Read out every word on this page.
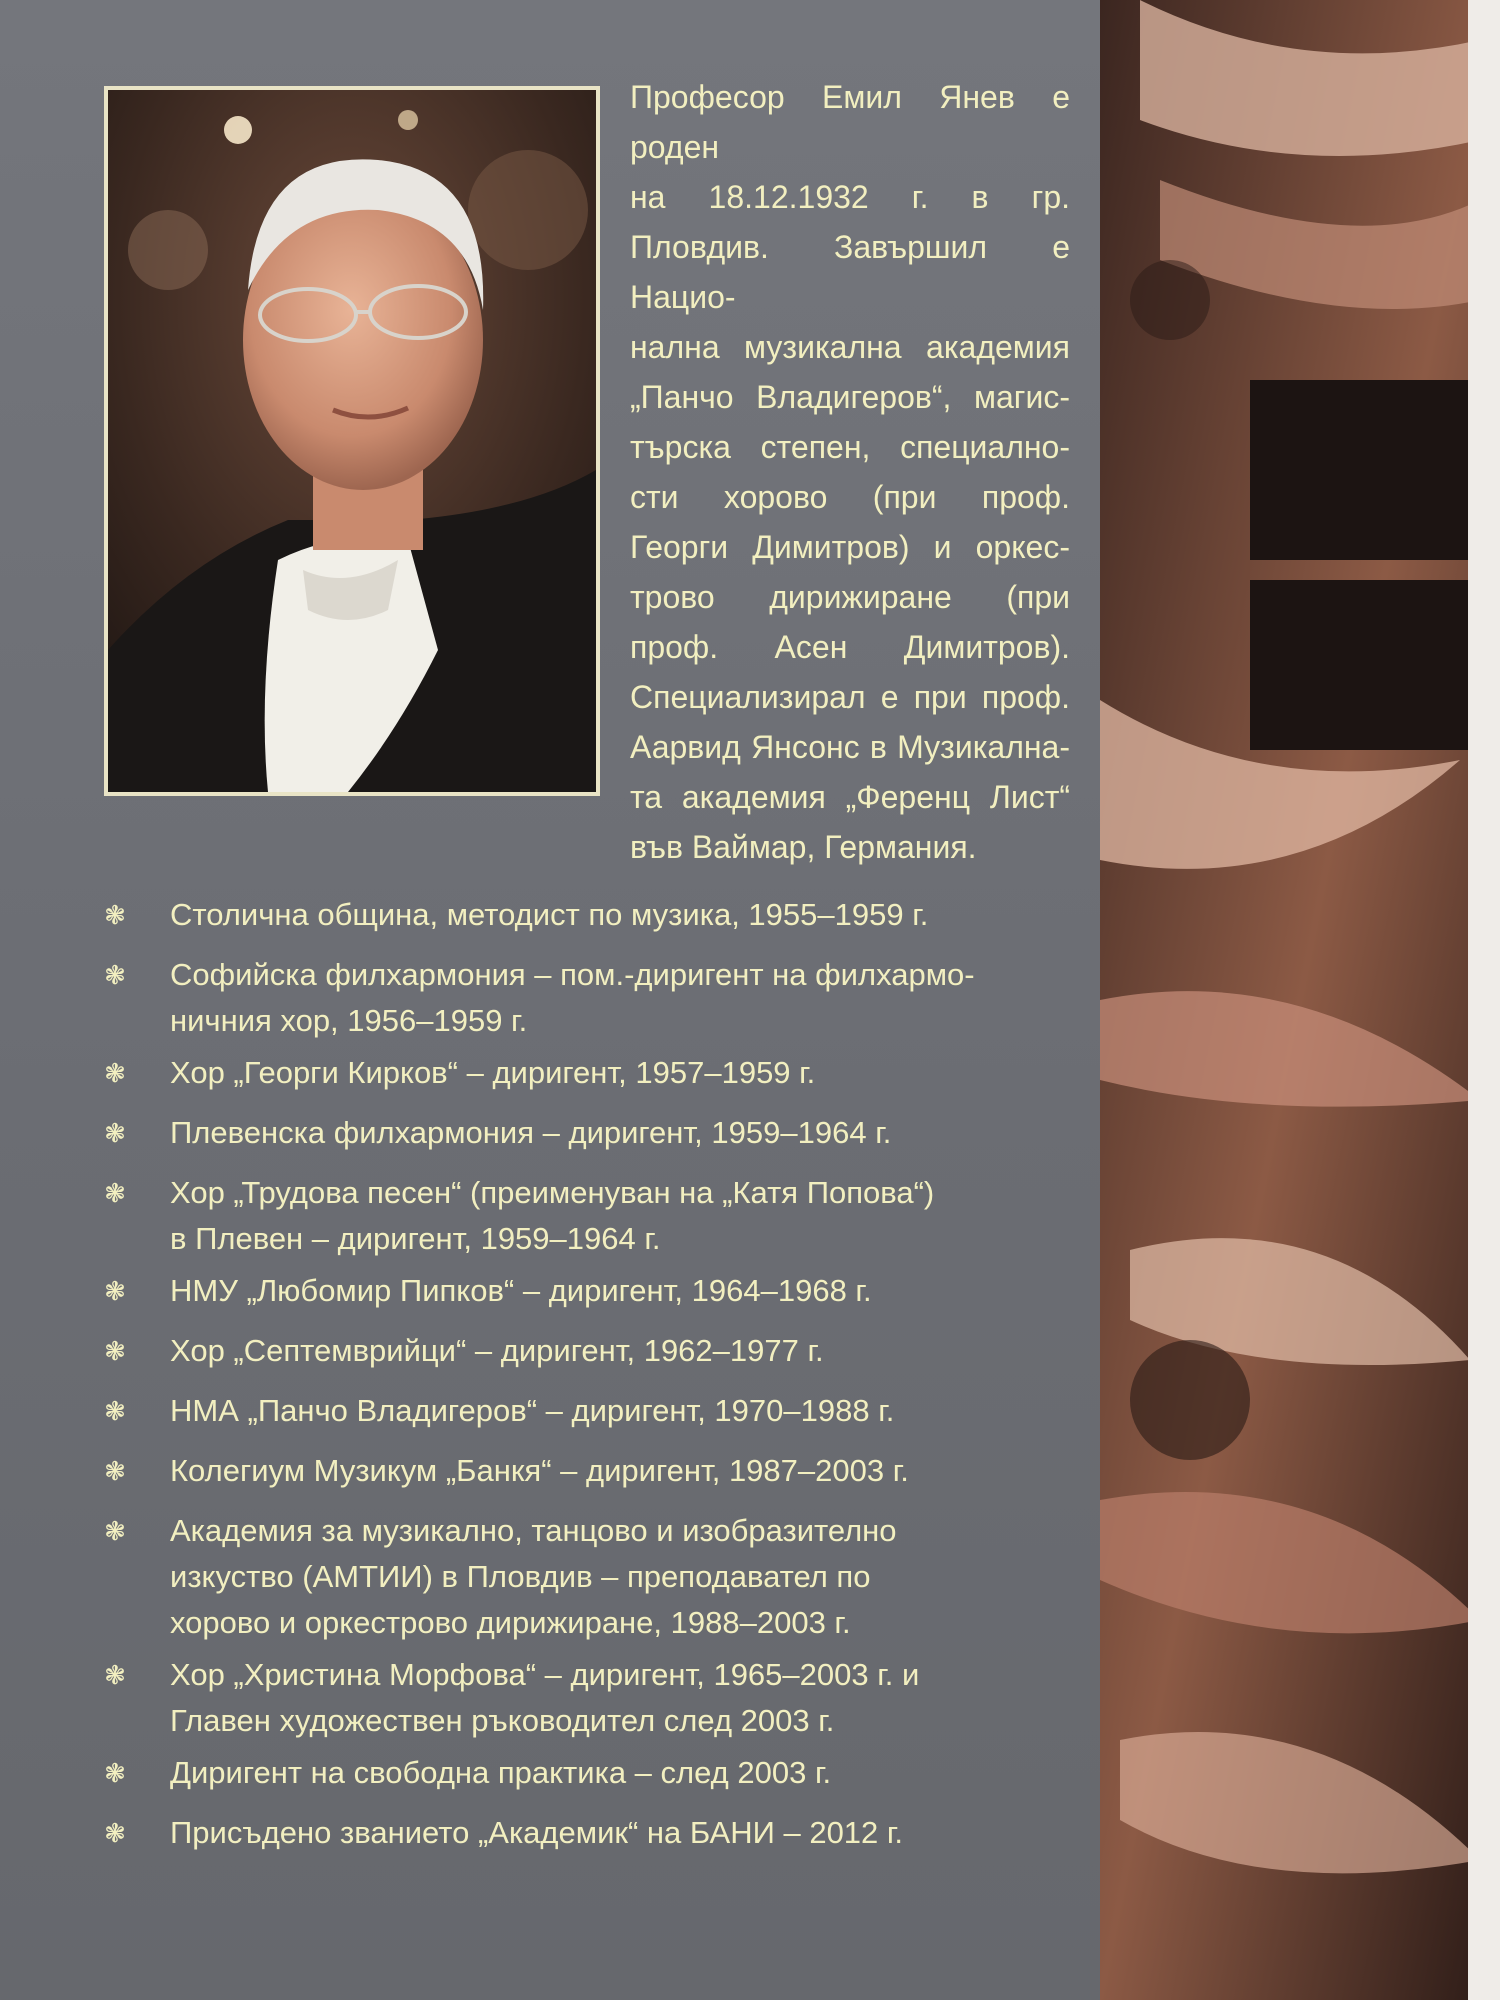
Професор Емил Янев е роден
на 18.12.1932 г. в гр.
Пловдив. Завършил е Нацио-
нална музикална академия
„Панчо Владигеров“, магис-
търска степен, специално-
сти хорово (при проф.
Георги Димитров) и оркес-
трово дирижиране (при
проф. Асен Димитров).
Специализирал е при проф.
Аарвид Янсонс в Музикална-
та академия „Ференц Лист“
във Ваймар, Германия.

❃ Столична община, методист по музика, 1955–1959 г.
❃ Софийска филхармония – пом.-диригент на филхармо-
ничния хор, 1956–1959 г.
❃ Хор „Георги Кирков“ – диригент, 1957–1959 г.
❃ Плевенска филхармония – диригент, 1959–1964 г.
❃ Хор „Трудова песен“ (преименуван на „Катя Попова“)
в Плевен – диригент, 1959–1964 г.
❃ НМУ „Любомир Пипков“ – диригент, 1964–1968 г.
❃ Хор „Септемврийци“ – диригент, 1962–1977 г.
❃ НМА „Панчо Владигеров“ – диригент, 1970–1988 г.
❃ Колегиум Музикум „Банкя“ – диригент, 1987–2003 г.
❃ Академия за музикално, танцово и изобразително
изкуство (АМТИИ) в Пловдив – преподавател по
хорово и оркестрово дирижиране, 1988–2003 г.
❃ Хор „Христина Морфова“ – диригент, 1965–2003 г. и
Главен художествен ръководител след 2003 г.
❃ Диригент на свободна практика – след 2003 г.
❃ Присъдено званието „Академик“ на БАНИ – 2012 г.
